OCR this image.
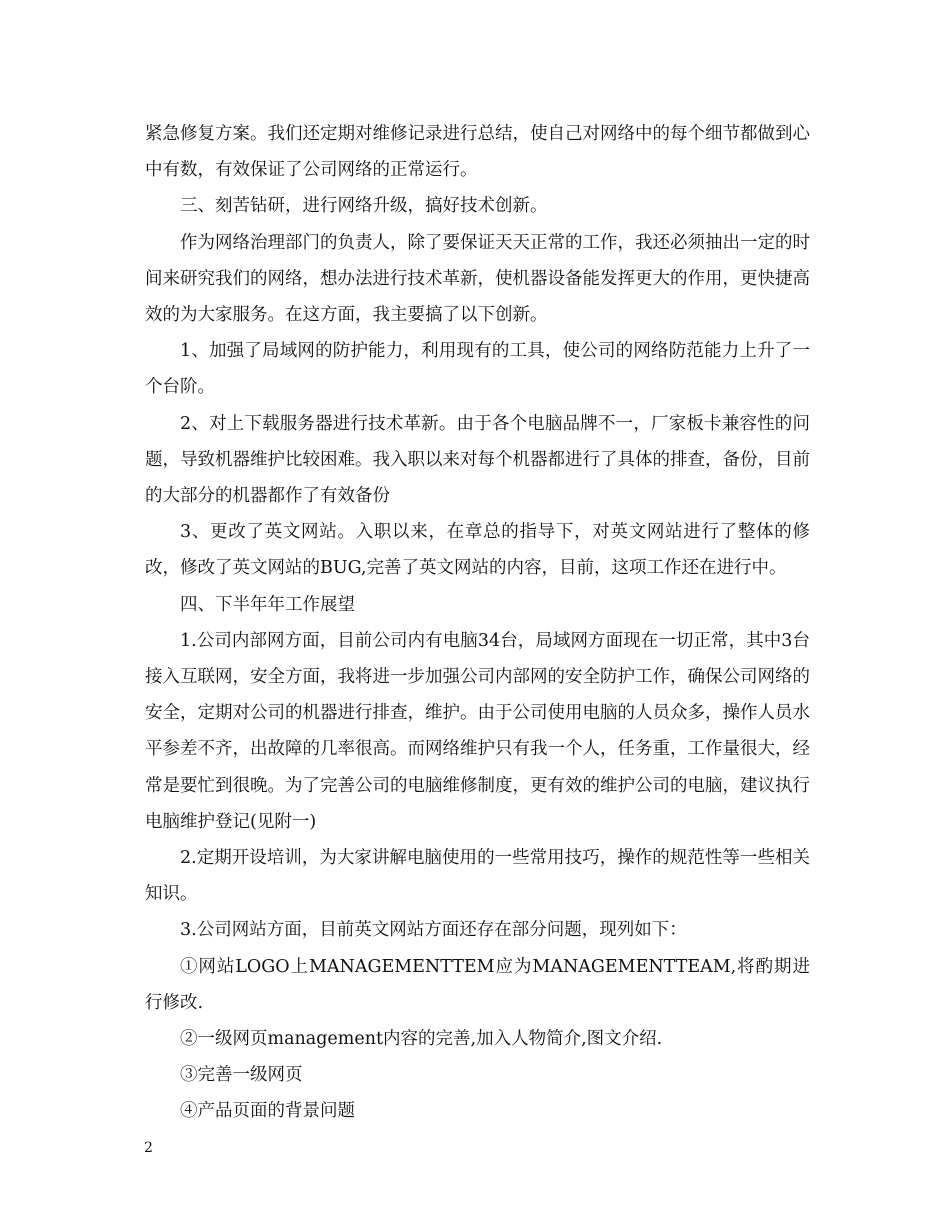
紧急修复方案。我们还定期对维修记录进行总结，使自己对网络中的每个细节都做到心中有数，有效保证了公司网络的正常运行。

三、刻苦钻研，进行网络升级，搞好技术创新。

作为网络治理部门的负责人，除了要保证天天正常的工作，我还必须抽出一定的时间来研究我们的网络，想办法进行技术革新，使机器设备能发挥更大的作用，更快捷高效的为大家服务。在这方面，我主要搞了以下创新。

1、加强了局域网的防护能力，利用现有的工具，使公司的网络防范能力上升了一个台阶。

2、对上下载服务器进行技术革新。由于各个电脑品牌不一，厂家板卡兼容性的问题，导致机器维护比较困难。我入职以来对每个机器都进行了具体的排查，备份，目前的大部分的机器都作了有效备份

3、更改了英文网站。入职以来，在章总的指导下，对英文网站进行了整体的修改，修改了英文网站的BUG,完善了英文网站的内容，目前，这项工作还在进行中。

四、下半年年工作展望

1.公司内部网方面，目前公司内有电脑34台，局域网方面现在一切正常，其中3台接入互联网，安全方面，我将进一步加强公司内部网的安全防护工作，确保公司网络的安全，定期对公司的机器进行排查，维护。由于公司使用电脑的人员众多，操作人员水平参差不齐，出故障的几率很高。而网络维护只有我一个人，任务重，工作量很大，经常是要忙到很晚。为了完善公司的电脑维修制度，更有效的维护公司的电脑，建议执行电脑维护登记(见附一)

2.定期开设培训，为大家讲解电脑使用的一些常用技巧，操作的规范性等一些相关知识。

3.公司网站方面，目前英文网站方面还存在部分问题，现列如下：

①网站LOGO上MANAGEMENTTEM应为MANAGEMENTTEAM,将酌期进行修改.

②一级网页management内容的完善,加入人物简介,图文介绍.

③完善一级网页

④产品页面的背景问题

2
